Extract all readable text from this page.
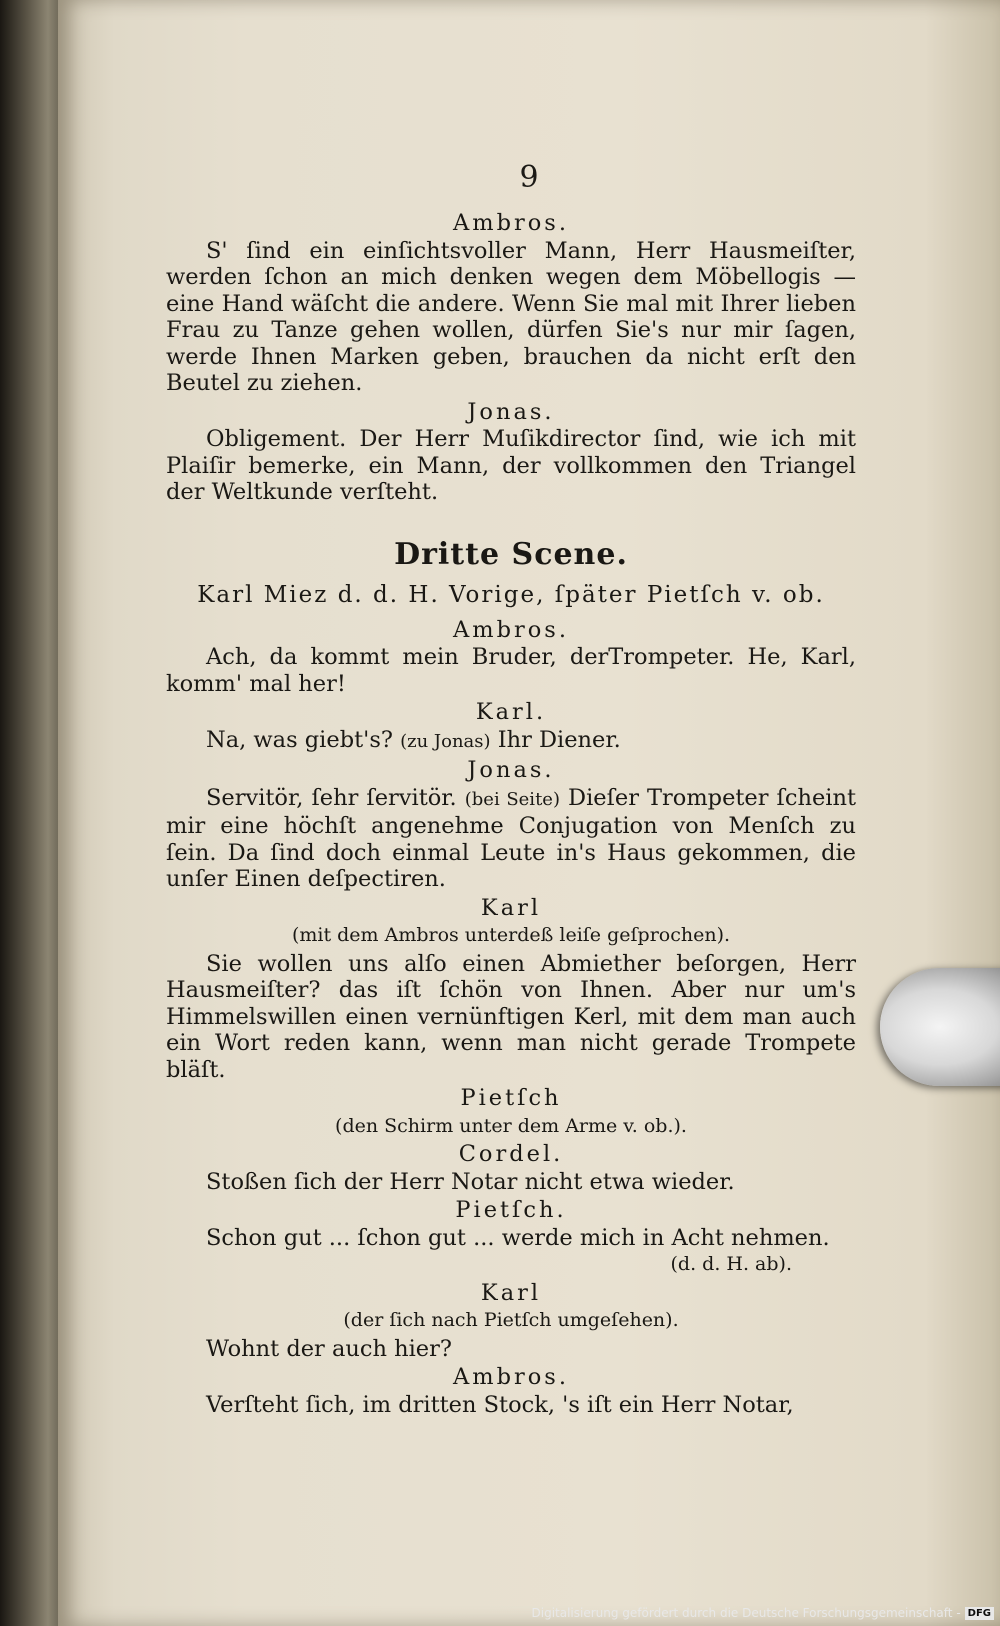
9
Ambros.

S' ſind ein einſichtsvoller Mann, Herr Hausmeiſter, werden ſchon an mich denken wegen dem Möbellogis — eine Hand wäſcht die andere. Wenn Sie mal mit Ihrer lieben Frau zu Tanze gehen wollen, dürfen Sie's nur mir ſagen, werde Ihnen Marken geben, brauchen da nicht erſt den Beutel zu ziehen.

Jonas.

Obligement. Der Herr Muſikdirector ſind, wie ich mit Plaiſir bemerke, ein Mann, der vollkommen den Triangel der Weltkunde verſteht.

Dritte Scene.
Karl Miez d. d. H. Vorige, ſpäter Pietſch v. ob.
Ambros.

Ach, da kommt mein Bruder, derTrompeter. He, Karl, komm' mal her!

Karl.

Na, was giebt's? (zu Jonas) Ihr Diener.

Jonas.

Servitör, ſehr ſervitör. (bei Seite) Dieſer Trompeter ſcheint mir eine höchſt angenehme Conjugation von Menſch zu ſein. Da ſind doch einmal Leute in's Haus gekommen, die unſer Einen deſpectiren.

Karl
(mit dem Ambros unterdeß leiſe geſprochen).

Sie wollen uns alſo einen Abmiether beſorgen, Herr Hausmeiſter? das iſt ſchön von Ihnen. Aber nur um's Himmelswillen einen vernünftigen Kerl, mit dem man auch ein Wort reden kann, wenn man nicht gerade Trompete bläſt.

Pietſch
(den Schirm unter dem Arme v. ob.).
Cordel.

Stoßen ſich der Herr Notar nicht etwa wieder.

Pietſch.

Schon gut ... ſchon gut ... werde mich in Acht nehmen.

(d. d. H. ab).
Karl
(der ſich nach Pietſch umgeſehen).

Wohnt der auch hier?

Ambros.

Verſteht ſich, im dritten Stock, 's iſt ein Herr Notar,

Digitalisierung gefördert durch die Deutsche Forschungsgemeinschaft - DFG
